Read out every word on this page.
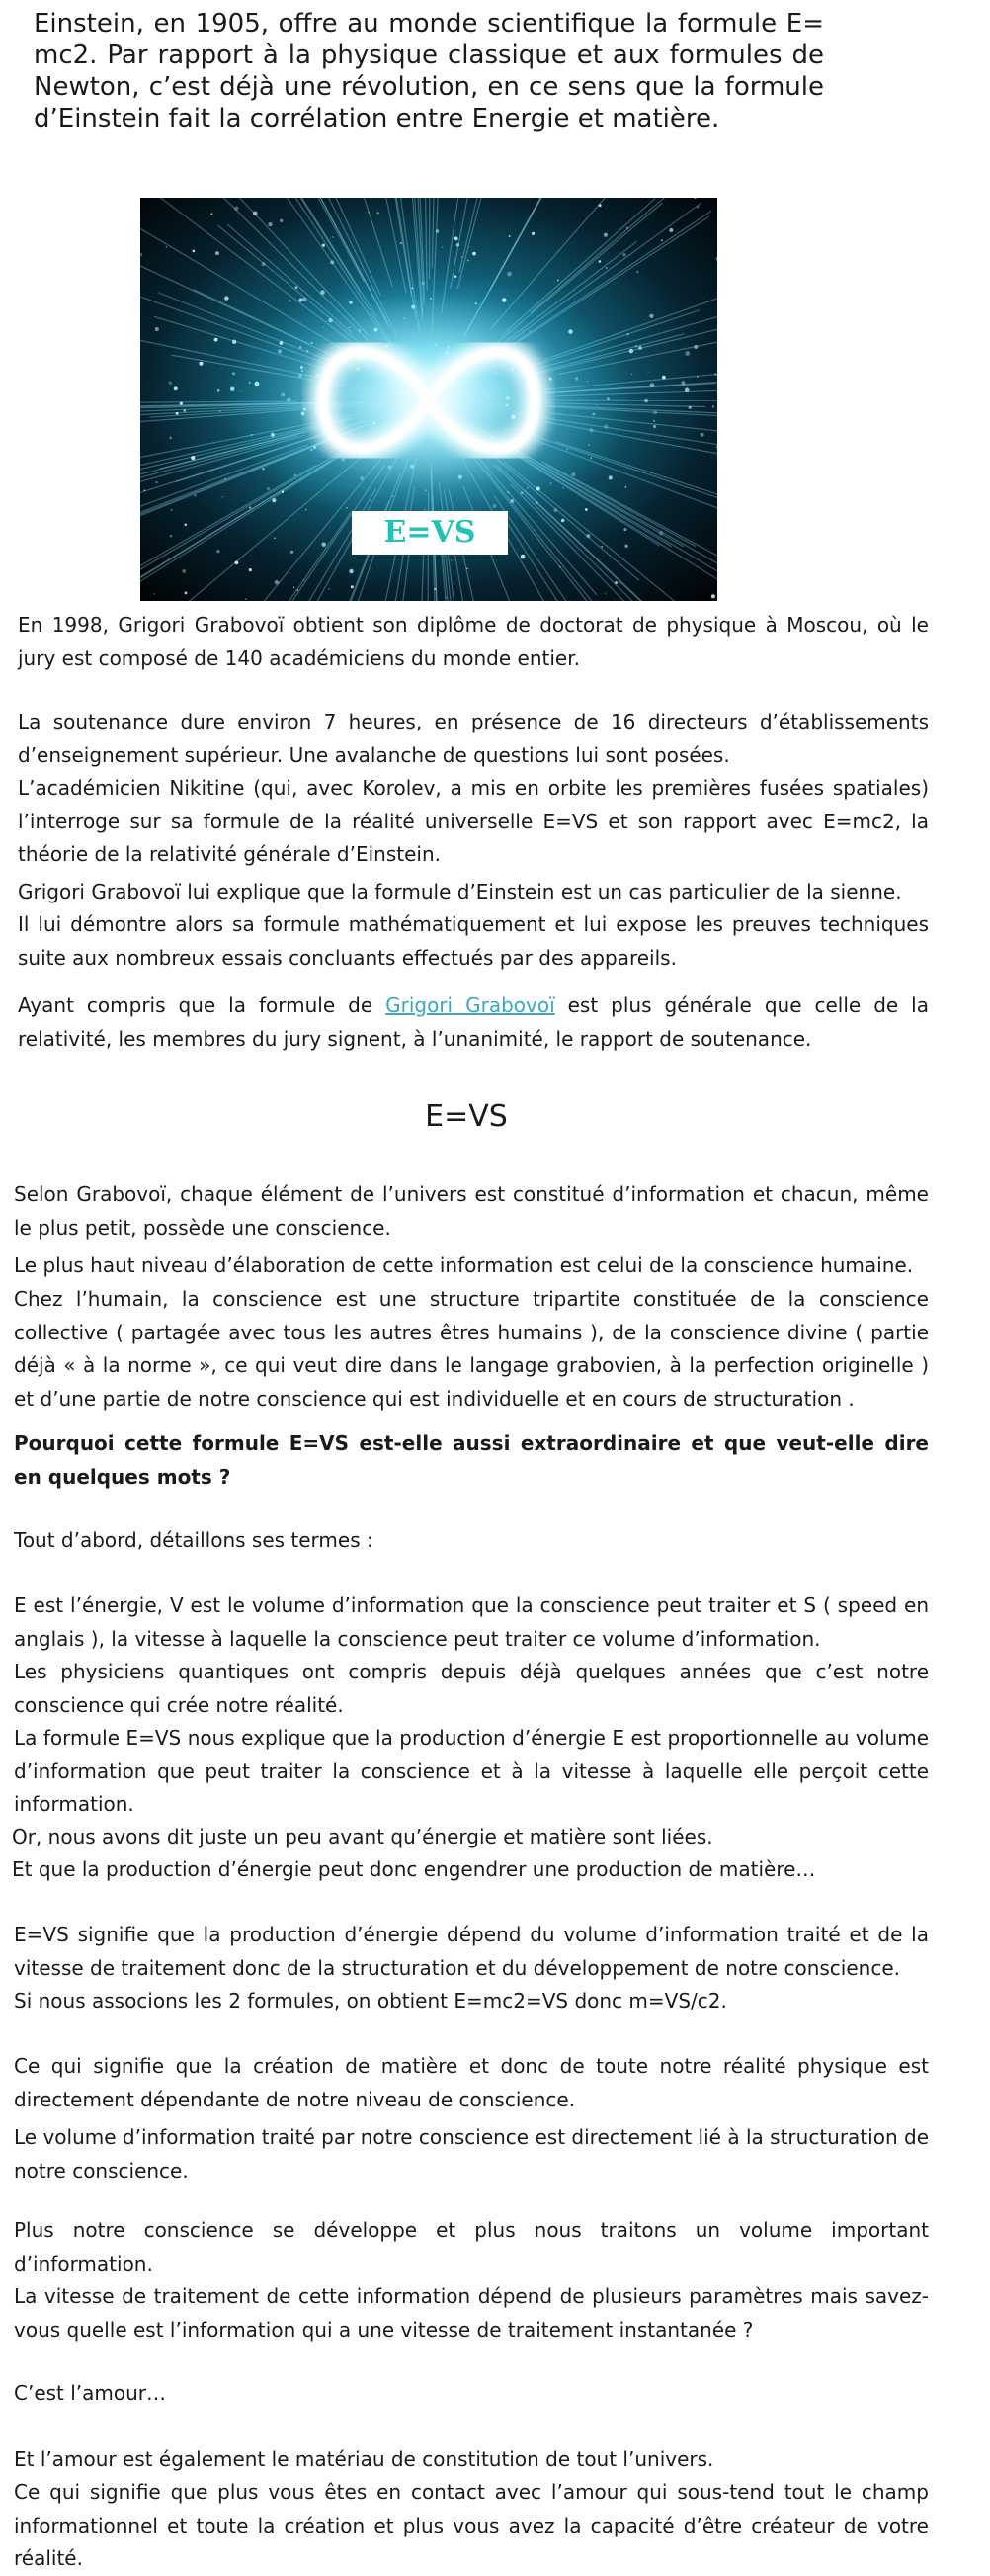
Einstein, en 1905, offre au monde scientifique la formule E= mc2. Par rapport à la physique classique et aux formules de Newton, c’est déjà une révolution, en ce sens que la formule d’Einstein fait la corrélation entre Energie et matière.

E=VS

En 1998, Grigori Grabovoï obtient son diplôme de doctorat de physique à Moscou, où le jury est composé de 140 académiciens du monde entier.

La soutenance dure environ 7 heures, en présence de 16 directeurs d’établissements d’enseignement supérieur. Une avalanche de questions lui sont posées.

L’académicien Nikitine (qui, avec Korolev, a mis en orbite les premières fusées spatiales) l’interroge sur sa formule de la réalité universelle E=VS et son rapport avec E=mc2, la théorie de la relativité générale d’Einstein.

Grigori Grabovoï lui explique que la formule d’Einstein est un cas particulier de la sienne.

Il lui démontre alors sa formule mathématiquement et lui expose les preuves techniques suite aux nombreux essais concluants effectués par des appareils.

Ayant compris que la formule de Grigori Grabovoï est plus générale que celle de la relativité, les membres du jury signent, à l’unanimité, le rapport de soutenance.

E=VS

Selon Grabovoï, chaque élément de l’univers est constitué d’information et chacun, même le plus petit, possède une conscience.

Le plus haut niveau d’élaboration de cette information est celui de la conscience humaine.

Chez l’humain, la conscience est une structure tripartite constituée de la conscience collective ( partagée avec tous les autres êtres humains ), de la conscience divine ( partie déjà « à la norme », ce qui veut dire dans le langage grabovien, à la perfection originelle ) et d’une partie de notre conscience qui est individuelle et en cours de structuration .

Pourquoi cette formule E=VS est-elle aussi extraordinaire et que veut-elle dire en quelques mots ?

Tout d’abord, détaillons ses termes :

E est l’énergie, V est le volume d’information que la conscience peut traiter et S ( speed en anglais ), la vitesse à laquelle la conscience peut traiter ce volume d’information.

Les physiciens quantiques ont compris depuis déjà quelques années que c’est notre conscience qui crée notre réalité.

La formule E=VS nous explique que la production d’énergie E est proportionnelle au volume d’information que peut traiter la conscience et à la vitesse à laquelle elle perçoit cette information.

Or, nous avons dit juste un peu avant qu’énergie et matière sont liées.

Et que la production d’énergie peut donc engendrer une production de matière…

E=VS signifie que la production d’énergie dépend du volume d’information traité et de la vitesse de traitement donc de la structuration et du développement de notre conscience.

Si nous associons les 2 formules, on obtient E=mc2=VS donc m=VS/c2.

Ce qui signifie que la création de matière et donc de toute notre réalité physique est directement dépendante de notre niveau de conscience.

Le volume d’information traité par notre conscience est directement lié à la structuration de notre conscience.

Plus notre conscience se développe et plus nous traitons un volume important d’information.

La vitesse de traitement de cette information dépend de plusieurs paramètres mais savez-vous quelle est l’information qui a une vitesse de traitement instantanée ?

C’est l’amour…

Et l’amour est également le matériau de constitution de tout l’univers.

Ce qui signifie que plus vous êtes en contact avec l’amour qui sous-tend tout le champ informationnel et toute la création et plus vous avez la capacité d’être créateur de votre réalité.
